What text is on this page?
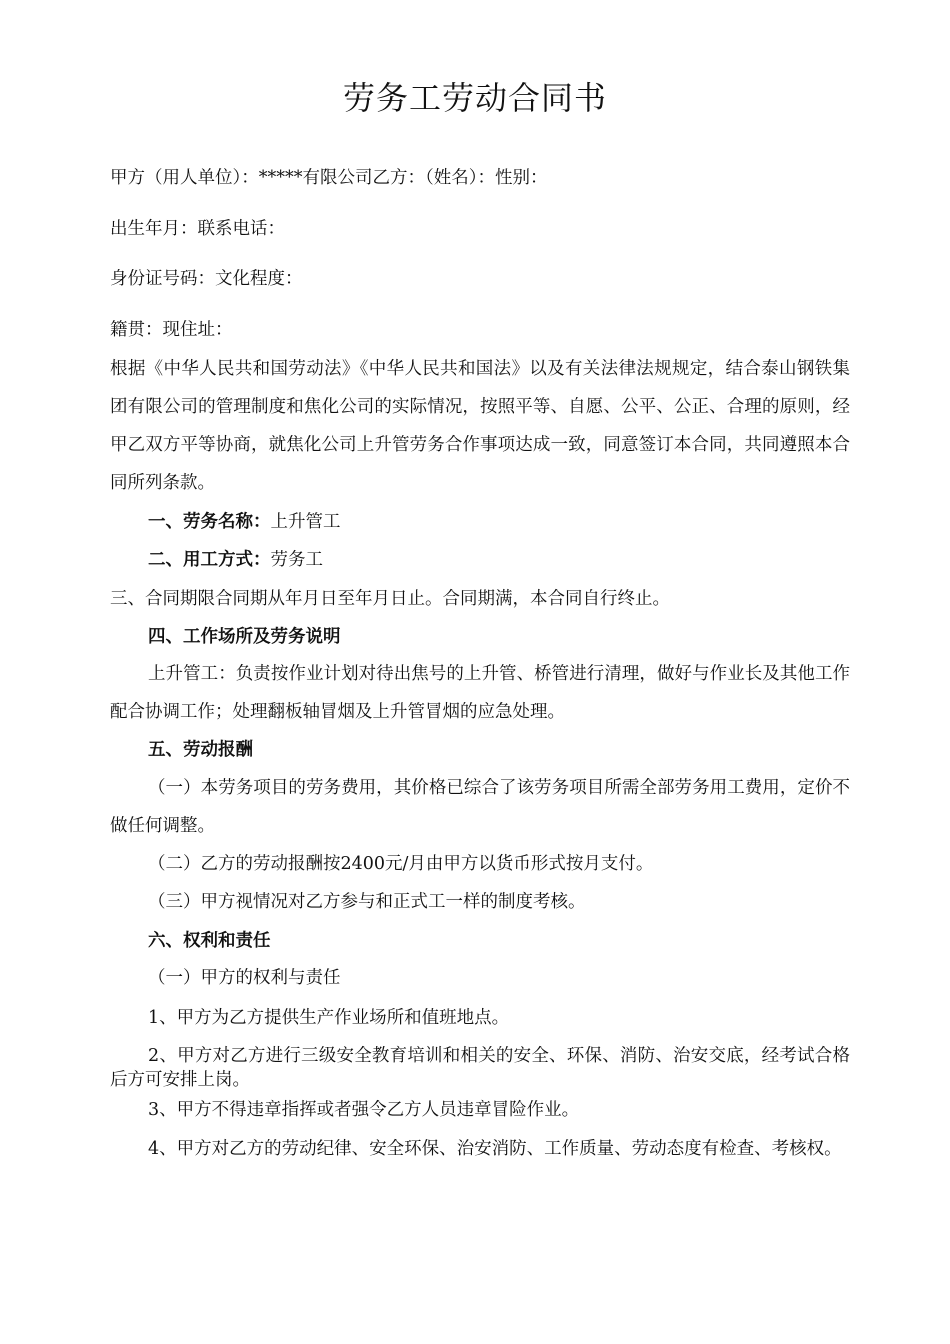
劳务工劳动合同书
甲方（用人单位）：*****有限公司乙方：（姓名）：性别：
出生年月：联系电话：
身份证号码：文化程度：
籍贯：现住址：
根据《中华人民共和国劳动法》《中华人民共和国法》以及有关法律法规规定，结合泰山钢铁集团有限公司的管理制度和焦化公司的实际情况，按照平等、自愿、公平、公正、合理的原则，经甲乙双方平等协商，就焦化公司上升管劳务合作事项达成一致，同意签订本合同，共同遵照本合同所列条款。
一、劳务名称：上升管工
二、用工方式：劳务工
三、合同期限合同期从年月日至年月日止。合同期满，本合同自行终止。
四、工作场所及劳务说明
上升管工：负责按作业计划对待出焦号的上升管、桥管进行清理，做好与作业长及其他工作配合协调工作；处理翻板轴冒烟及上升管冒烟的应急处理。
五、劳动报酬
（一）本劳务项目的劳务费用，其价格已综合了该劳务项目所需全部劳务用工费用，定价不做任何调整。
（二）乙方的劳动报酬按2400元/月由甲方以货币形式按月支付。
（三）甲方视情况对乙方参与和正式工一样的制度考核。
六、权利和责任
（一）甲方的权利与责任
1、甲方为乙方提供生产作业场所和值班地点。
2、甲方对乙方进行三级安全教育培训和相关的安全、环保、消防、治安交底，经考试合格后方可安排上岗。
3、甲方不得违章指挥或者强令乙方人员违章冒险作业。
4、甲方对乙方的劳动纪律、安全环保、治安消防、工作质量、劳动态度有检查、考核权。
